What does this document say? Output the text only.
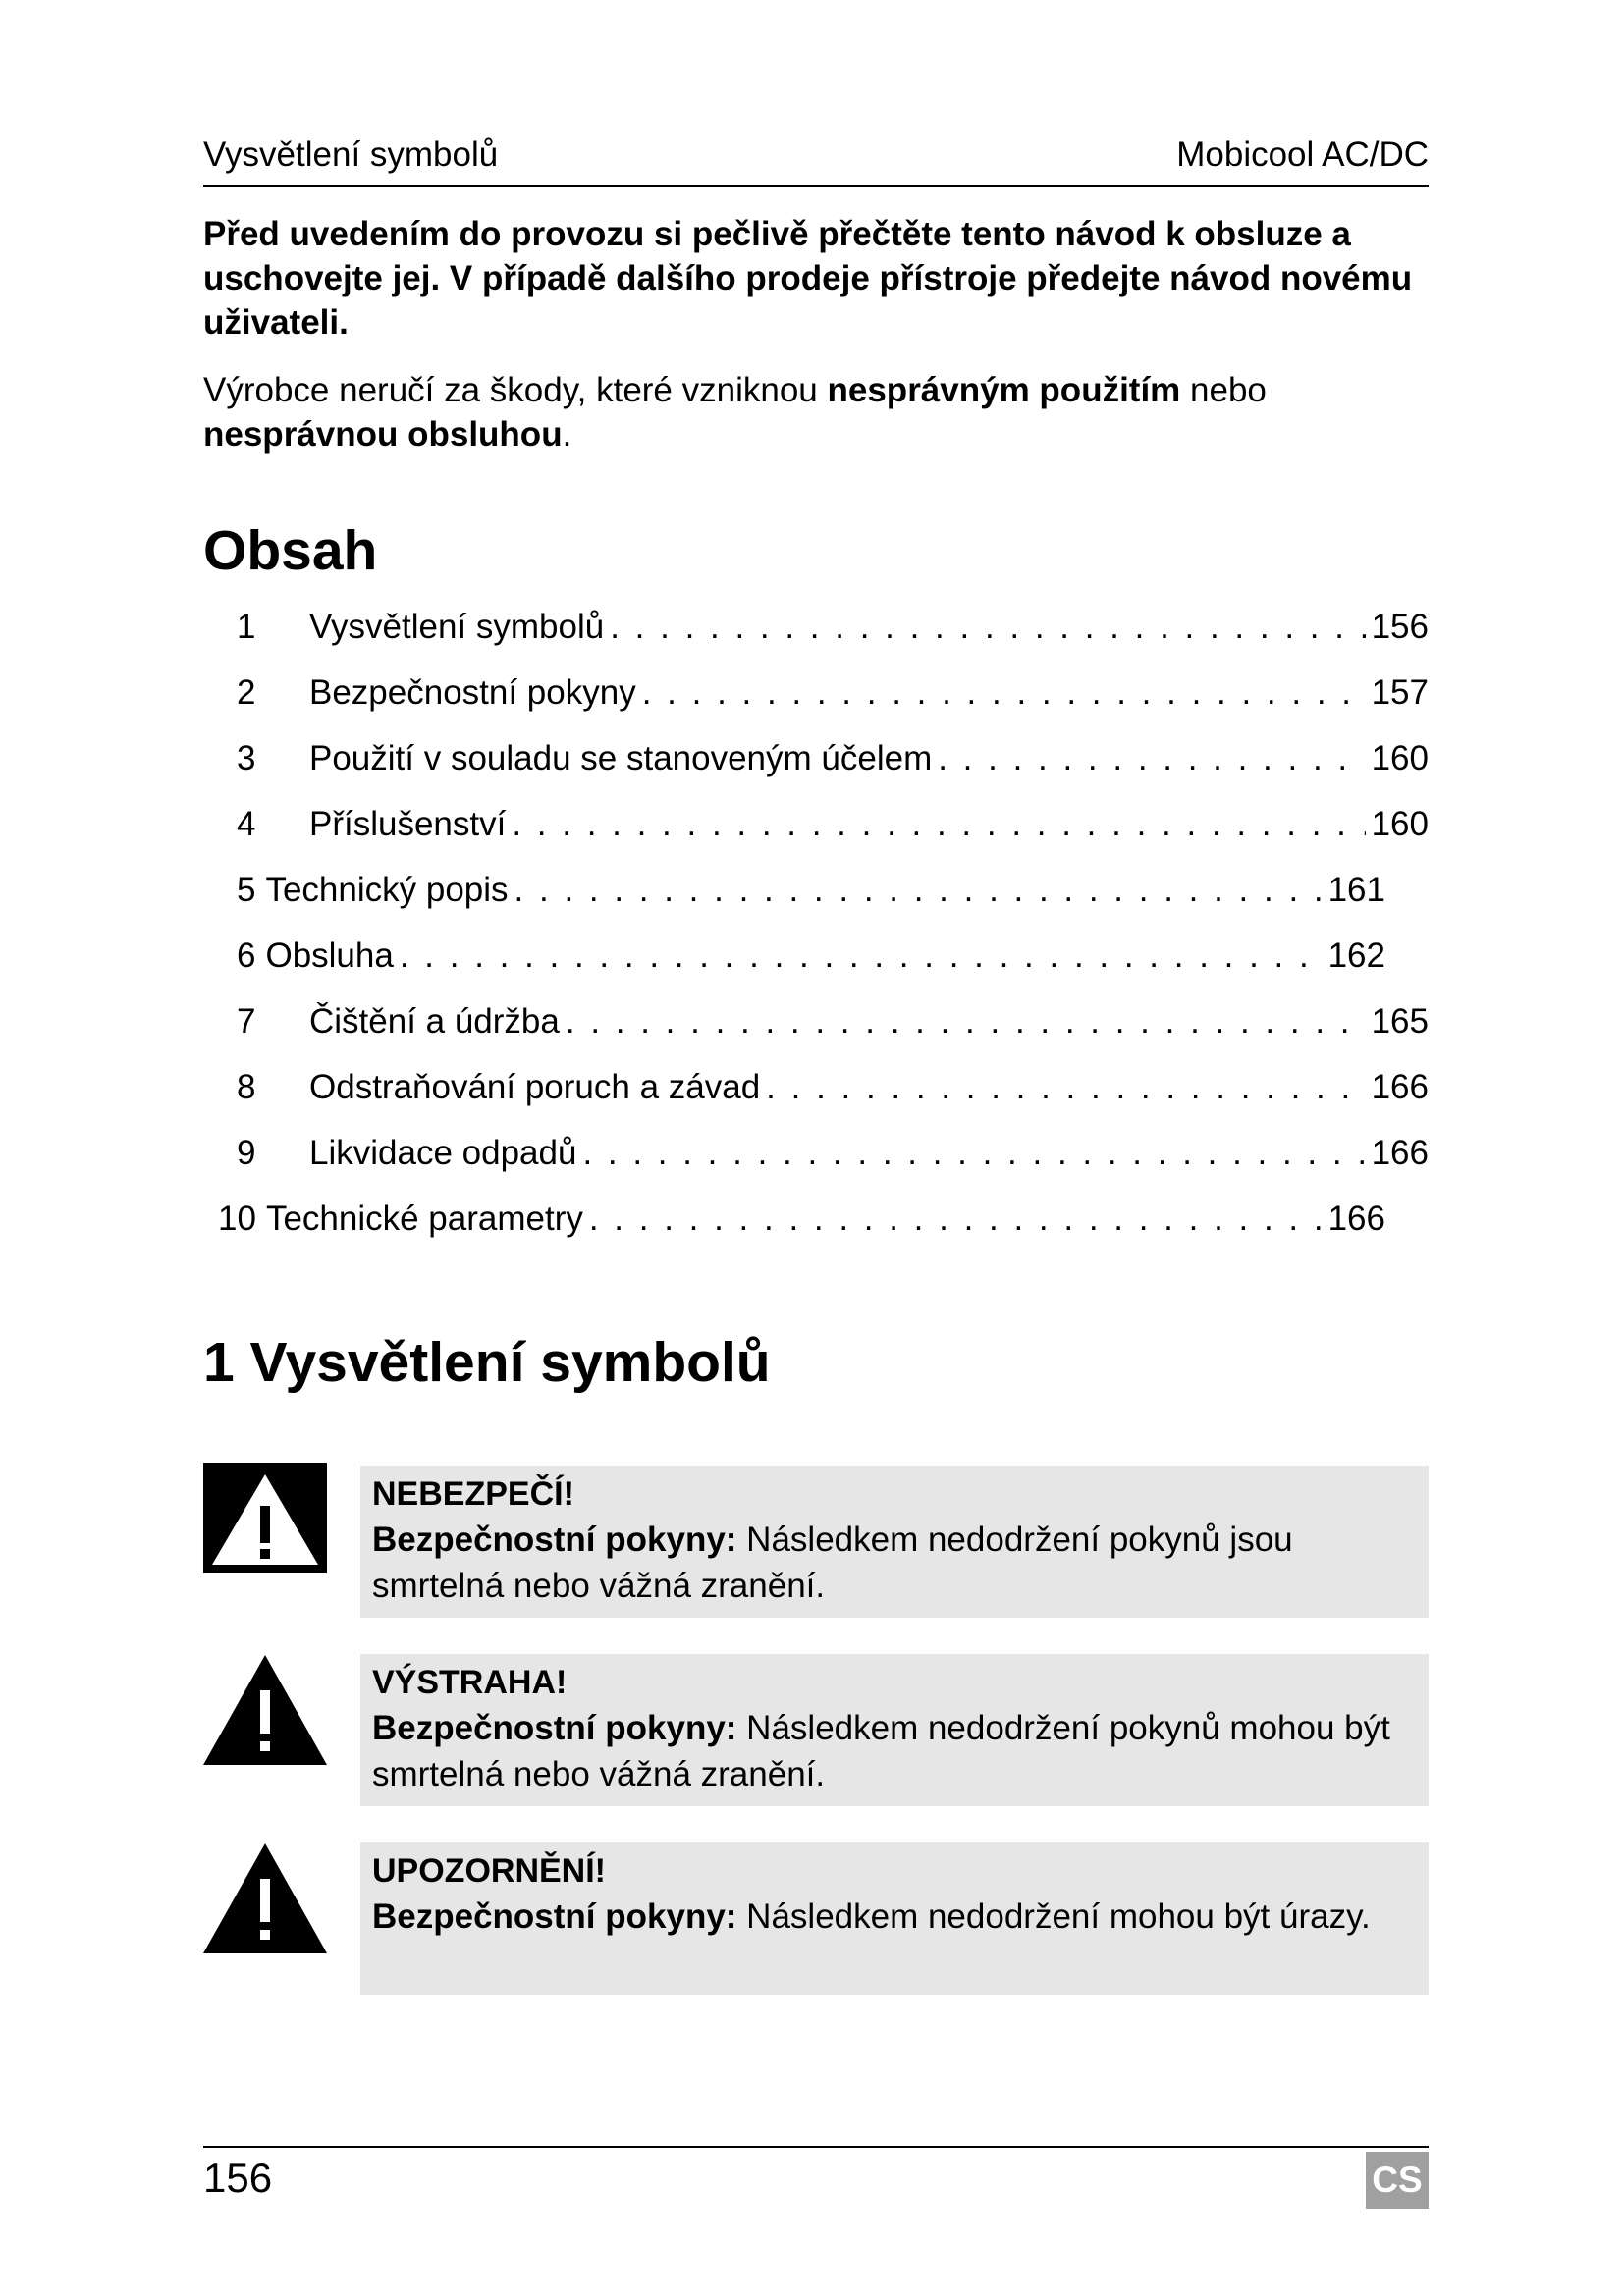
Vysvětlení symbolů	Mobicool AC/DC
Před uvedením do provozu si pečlivě přečtěte tento návod k obsluze a uschovejte jej. V případě dalšího prodeje přístroje předejte návod novému uživateli.
Výrobce neručí za škody, které vzniknou nesprávným použitím nebo
nesprávnou obsluhou.
Obsah
1	Vysvětlení symbolů . . .	156
2	Bezpečnostní pokyny . . .	157
3	Použití v souladu se stanoveným účelem . . .	160
4	Příslušenství . . .	160
5 Technický popis . . .	161
6 Obsluha . . .	162
7	Čištění a údržba . . .	165
8	Odstraňování poruch a závad . . .	166
9	Likvidace odpadů . . .	166
10 Technické parametry . . .	166
1 Vysvětlení symbolů
NEBEZPEČÍ!
Bezpečnostní pokyny: Následkem nedodržení pokynů jsou smrtelná nebo vážná zranění.
VÝSTRAHA!
Bezpečnostní pokyny: Následkem nedodržení pokynů mohou být smrtelná nebo vážná zranění.
UPOZORNĚNÍ!
Bezpečnostní pokyny: Následkem nedodržení mohou být úrazy.
156	CS
